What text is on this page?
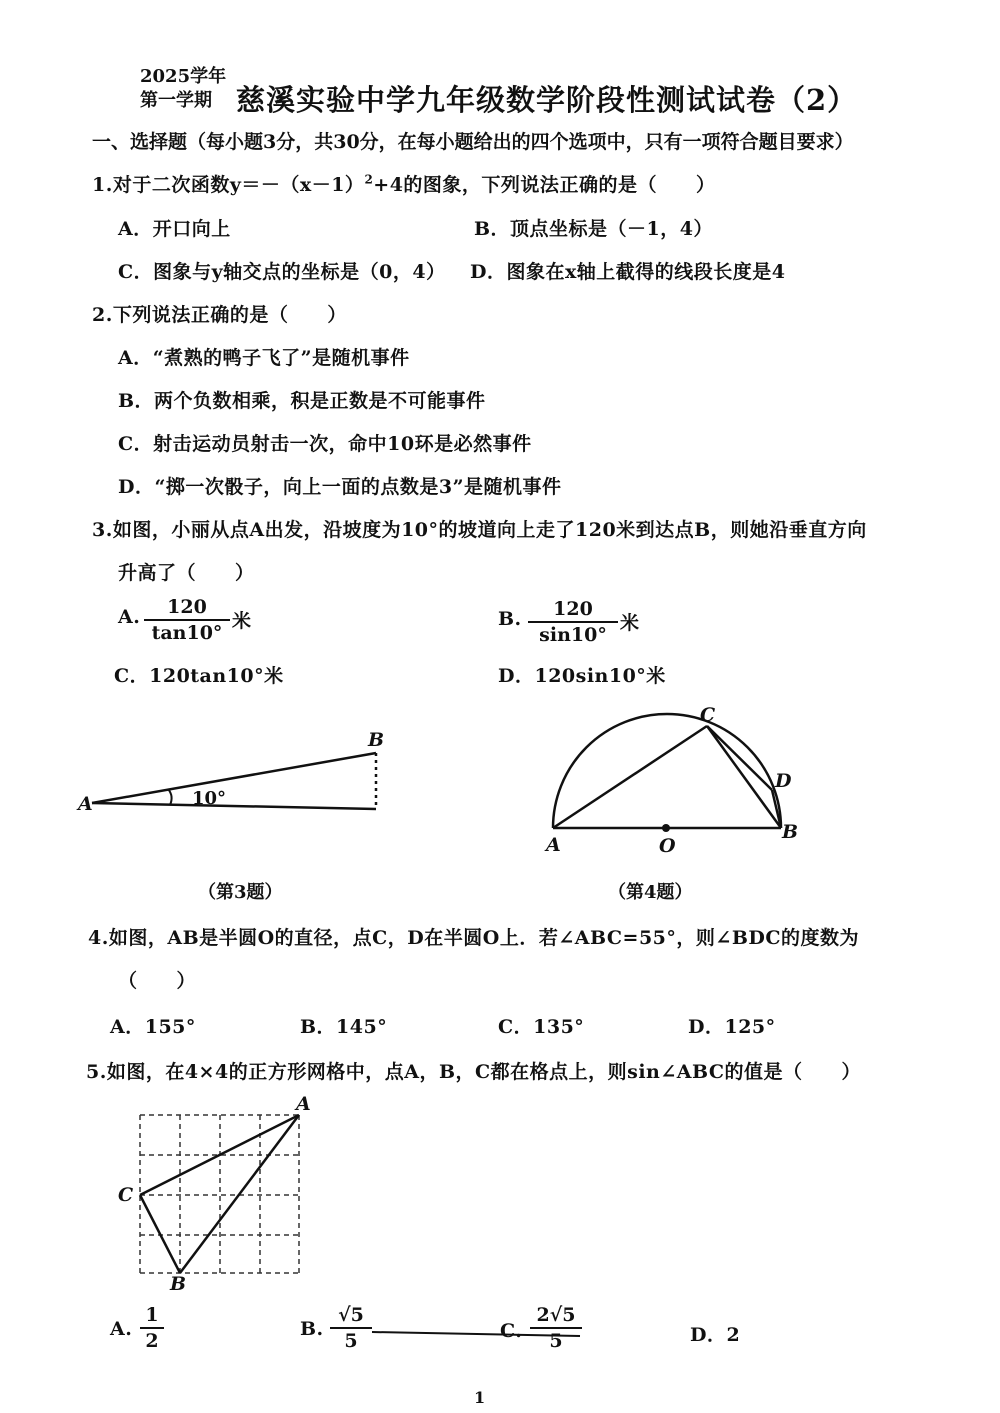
2025学年
第一学期 慈溪实验中学九年级数学阶段性测试试卷（2）
一、选择题（每小题3分，共30分，在每小题给出的四个选项中，只有一项符合题目要求）
1.对于二次函数$y=-(x-1)^2+4$的图象，下列说法正确的是（　　）
A．开口向上	B．顶点坐标是（－1，4）
C．图象与y轴交点的坐标是（0，4） D．图象在x轴上截得的线段长度是4
2.下列说法正确的是（　　）
A．“煮熟的鸭子飞了”是随机事件
B．两个负数相乘，积是正数是不可能事件
C．射击运动员射击一次，命中10环是必然事件
D．“掷一次骰子，向上一面的点数是3”是随机事件
3.如图，小丽从点A出发，沿坡度为10°的坡道向上走了120米到达点B，则她沿垂直方向
升高了（　　）
A. $\frac{120}{\tan 10^\circ}$ 米	B. $\frac{120}{\sin 10^\circ}$ 米
C．120tan10°米	D．120sin10°米
A
B
10°
（第3题）
A
B
C
D
O
（第4题）
4.如图，AB是半圆O的直径，点C，D在半圆O上．若∠ABC=55°，则∠BDC的度数为
（　　）
A．155°	B．145°	C．135°	D．125°
5.如图，在4×4的正方形网格中，点A，B，C都在格点上，则sin∠ABC的值是（　　）
A
B
C
A. $\frac{1}{2}$	B. $\frac{√5}{5}$	C. $\frac{2√5}{5}$	D．2
1
